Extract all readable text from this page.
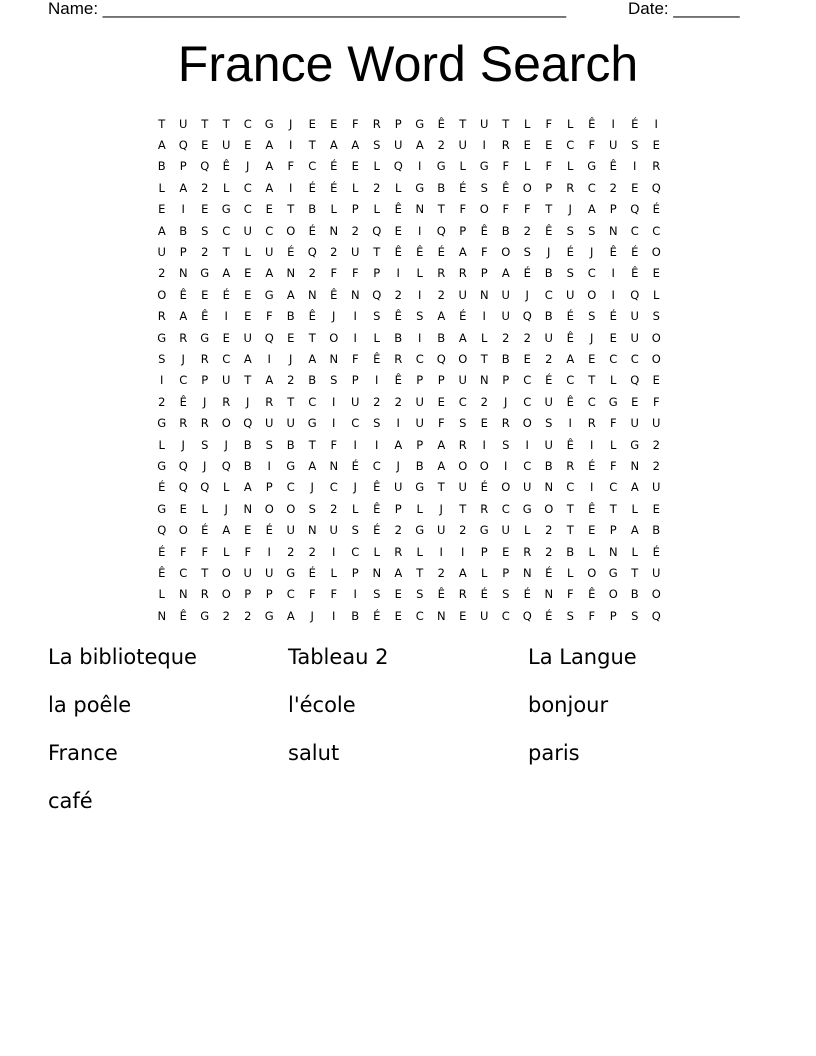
Name: _________________________________________________	Date: _______
France Word Search
T	U	T	T	C	G	J	E	E	F	R	P	G	Ê	T	U	T	L	F	L	Ê	I	É	I
A	Q	E	U	E	A	I	T	A	A	S	U	A	2	U	I	R	E	E	C	F	U	S	E
B	P	Q	Ê	J	A	F	C	É	E	L	Q	I	G	L	G	F	L	F	L	G	Ê	I	R
L	A	2	L	C	A	I	É	É	L	2	L	G	B	É	S	Ê	O	P	R	C	2	E	Q
E	I	E	G	C	E	T	B	L	P	L	Ê	N	T	F	O	F	F	T	J	A	P	Q	É
A	B	S	C	U	C	O	É	N	2	Q	E	I	Q	P	Ê	B	2	Ê	S	S	N	C	C
U	P	2	T	L	U	É	Q	2	U	T	Ê	Ê	É	A	F	O	S	J	É	J	Ê	É	O
2	N	G	A	E	A	N	2	F	F	P	I	L	R	R	P	A	É	B	S	C	I	Ê	E
O	Ê	E	É	E	G	A	N	Ê	N	Q	2	I	2	U	N	U	J	C	U	O	I	Q	L
R	A	Ê	I	E	F	B	Ê	J	I	S	Ê	S	A	É	I	U	Q	B	É	S	É	U	S
G	R	G	E	U	Q	E	T	O	I	L	B	I	B	A	L	2	2	U	Ê	J	E	U	O
S	J	R	C	A	I	J	A	N	F	Ê	R	C	Q	O	T	B	E	2	A	E	C	C	O
I	C	P	U	T	A	2	B	S	P	I	Ê	P	P	U	N	P	C	É	C	T	L	Q	E
2	Ê	J	R	J	R	T	C	I	U	2	2	U	E	C	2	J	C	U	Ê	C	G	E	F
G	R	R	O	Q	U	U	G	I	C	S	I	U	F	S	E	R	O	S	I	R	F	U	U
L	J	S	J	B	S	B	T	F	I	I	A	P	A	R	I	S	I	U	Ê	I	L	G	2
G	Q	J	Q	B	I	G	A	N	É	C	J	B	A	O	O	I	C	B	R	É	F	N	2
É	Q	Q	L	A	P	C	J	C	J	Ê	U	G	T	U	É	O	U	N	C	I	C	A	U
G	E	L	J	N	O	O	S	2	L	Ê	P	L	J	T	R	C	G	O	T	Ê	T	L	E
Q	O	É	A	E	É	U	N	U	S	É	2	G	U	2	G	U	L	2	T	E	P	A	B
É	F	F	L	F	I	2	2	I	C	L	R	L	I	I	P	E	R	2	B	L	N	L	É
Ê	C	T	O	U	U	G	É	L	P	N	A	T	2	A	L	P	N	É	L	O	G	T	U
L	N	R	O	P	P	C	F	F	I	S	E	S	Ê	R	É	S	É	N	F	Ê	O	B	O
N	Ê	G	2	2	G	A	J	I	B	É	E	C	N	E	U	C	Q	É	S	F	P	S	Q
La biblioteque	Tableau 2	La Langue
la poêle	l'école	bonjour
France	salut	paris
café
